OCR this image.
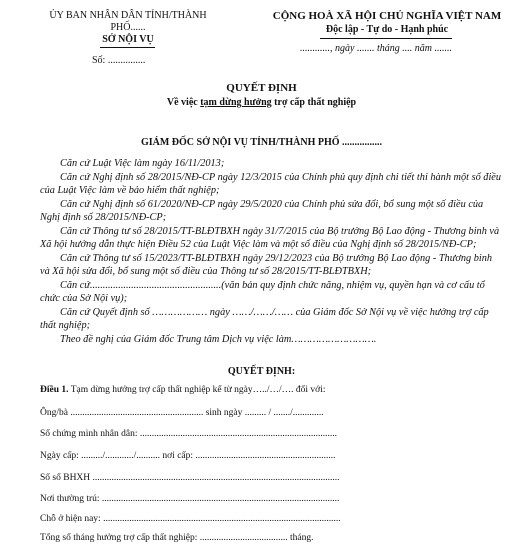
ỦY BAN NHÂN DÂN TỈNH/THÀNH
PHỐ......
SỞ NỘI VỤ
Số: ...............
CỘNG HOÀ XÃ HỘI CHỦ NGHĨA VIỆT NAM
Độc lập - Tự do - Hạnh phúc
............, ngày ....... tháng .... năm .......
QUYẾT ĐỊNH
Về việc tạm dừng hưởng trợ cấp thất nghiệp
GIÁM ĐỐC SỞ NỘI VỤ TỈNH/THÀNH PHỐ ................
Căn cứ Luật Việc làm ngày 16/11/2013;
Căn cứ Nghị định số 28/2015/NĐ-CP ngày 12/3/2015 của Chính phủ quy định chi tiết thi hành một số điều của Luật Việc làm về bảo hiểm thất nghiệp;
Căn cứ Nghị định số 61/2020/NĐ-CP ngày 29/5/2020 của Chính phủ sửa đổi, bổ sung một số điều của Nghị định số 28/2015/NĐ-CP;
Căn cứ Thông tư số 28/2015/TT-BLĐTBXH ngày 31/7/2015 của Bộ trưởng Bộ Lao động - Thương binh và Xã hội hướng dẫn thực hiện Điều 52 của Luật Việc làm và một số điều của Nghị định số 28/2015/NĐ-CP;
Căn cứ Thông tư số 15/2023/TT-BLĐTBXH ngày 29/12/2023 của Bộ trưởng Bộ Lao động - Thương binh và Xã hội sửa đổi, bổ sung một số điều của Thông tư số 28/2015/TT-BLĐTBXH;
Căn cứ...................................................(văn bản quy định chức năng, nhiệm vụ, quyền hạn và cơ cấu tổ chức của Sở Nội vụ);
Căn cứ Quyết định số ……………… ngày ……/……/…… của Giám đốc Sở Nội vụ về việc hưởng trợ cấp thất nghiệp;
Theo đề nghị của Giám đốc Trung tâm Dịch vụ việc làm……………………….
QUYẾT ĐỊNH:
Điều 1. Tạm dừng hưởng trợ cấp thất nghiệp kể từ ngày…../…/…. đối với:
Ông/bà ........................................................ sinh ngày ......... / ......./.............
Số chứng minh nhân dân: ...................................................................................
Ngày cấp: ........./............/.......... nơi cấp: ...........................................................
Số sổ BHXH ........................................................................................................
Nơi thường trú: ....................................................................................................
Chỗ ở hiện nay: ....................................................................................................
Tổng số tháng hưởng trợ cấp thất nghiệp: ..................................... tháng.
